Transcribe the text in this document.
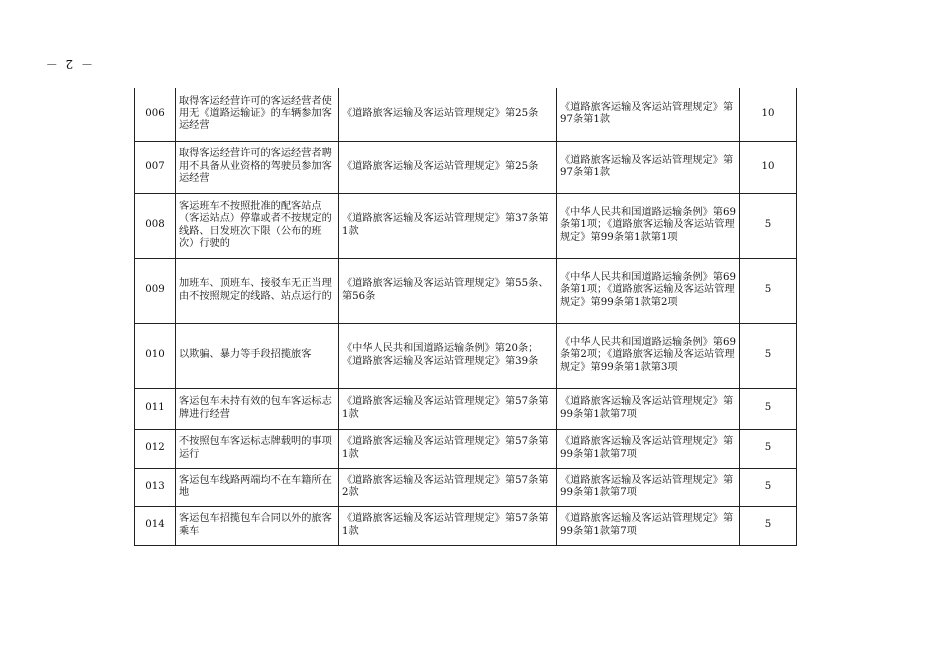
－ 2 －
006	取得客运经营许可的客运经营者使用无《道路运输证》的车辆参加客运经营	《道路旅客运输及客运站管理规定》第25条	《道路旅客运输及客运站管理规定》第97条第1款	10
007	取得客运经营许可的客运经营者聘用不具备从业资格的驾驶员参加客运经营	《道路旅客运输及客运站管理规定》第25条	《道路旅客运输及客运站管理规定》第97条第1款	10
008	客运班车不按照批准的配客站点（客运站点）停靠或者不按规定的线路、日发班次下限（公布的班次）行驶的	《道路旅客运输及客运站管理规定》第37条第1款	《中华人民共和国道路运输条例》第69条第1项；《道路旅客运输及客运站管理规定》第99条第1款第1项	5
009	加班车、顶班车、接驳车无正当理由不按照规定的线路、站点运行的	《道路旅客运输及客运站管理规定》第55条、第56条	《中华人民共和国道路运输条例》第69条第1项；《道路旅客运输及客运站管理规定》第99条第1款第2项	5
010	以欺骗、暴力等手段招揽旅客	《中华人民共和国道路运输条例》第20条；《道路旅客运输及客运站管理规定》第39条	《中华人民共和国道路运输条例》第69条第2项；《道路旅客运输及客运站管理规定》第99条第1款第3项	5
011	客运包车未持有效的包车客运标志牌进行经营	《道路旅客运输及客运站管理规定》第57条第1款	《道路旅客运输及客运站管理规定》第99条第1款第7项	5
012	不按照包车客运标志牌载明的事项运行	《道路旅客运输及客运站管理规定》第57条第1款	《道路旅客运输及客运站管理规定》第99条第1款第7项	5
013	客运包车线路两端均不在车籍所在地	《道路旅客运输及客运站管理规定》第57条第2款	《道路旅客运输及客运站管理规定》第99条第1款第7项	5
014	客运包车招揽包车合同以外的旅客乘车	《道路旅客运输及客运站管理规定》第57条第1款	《道路旅客运输及客运站管理规定》第99条第1款第7项	5
